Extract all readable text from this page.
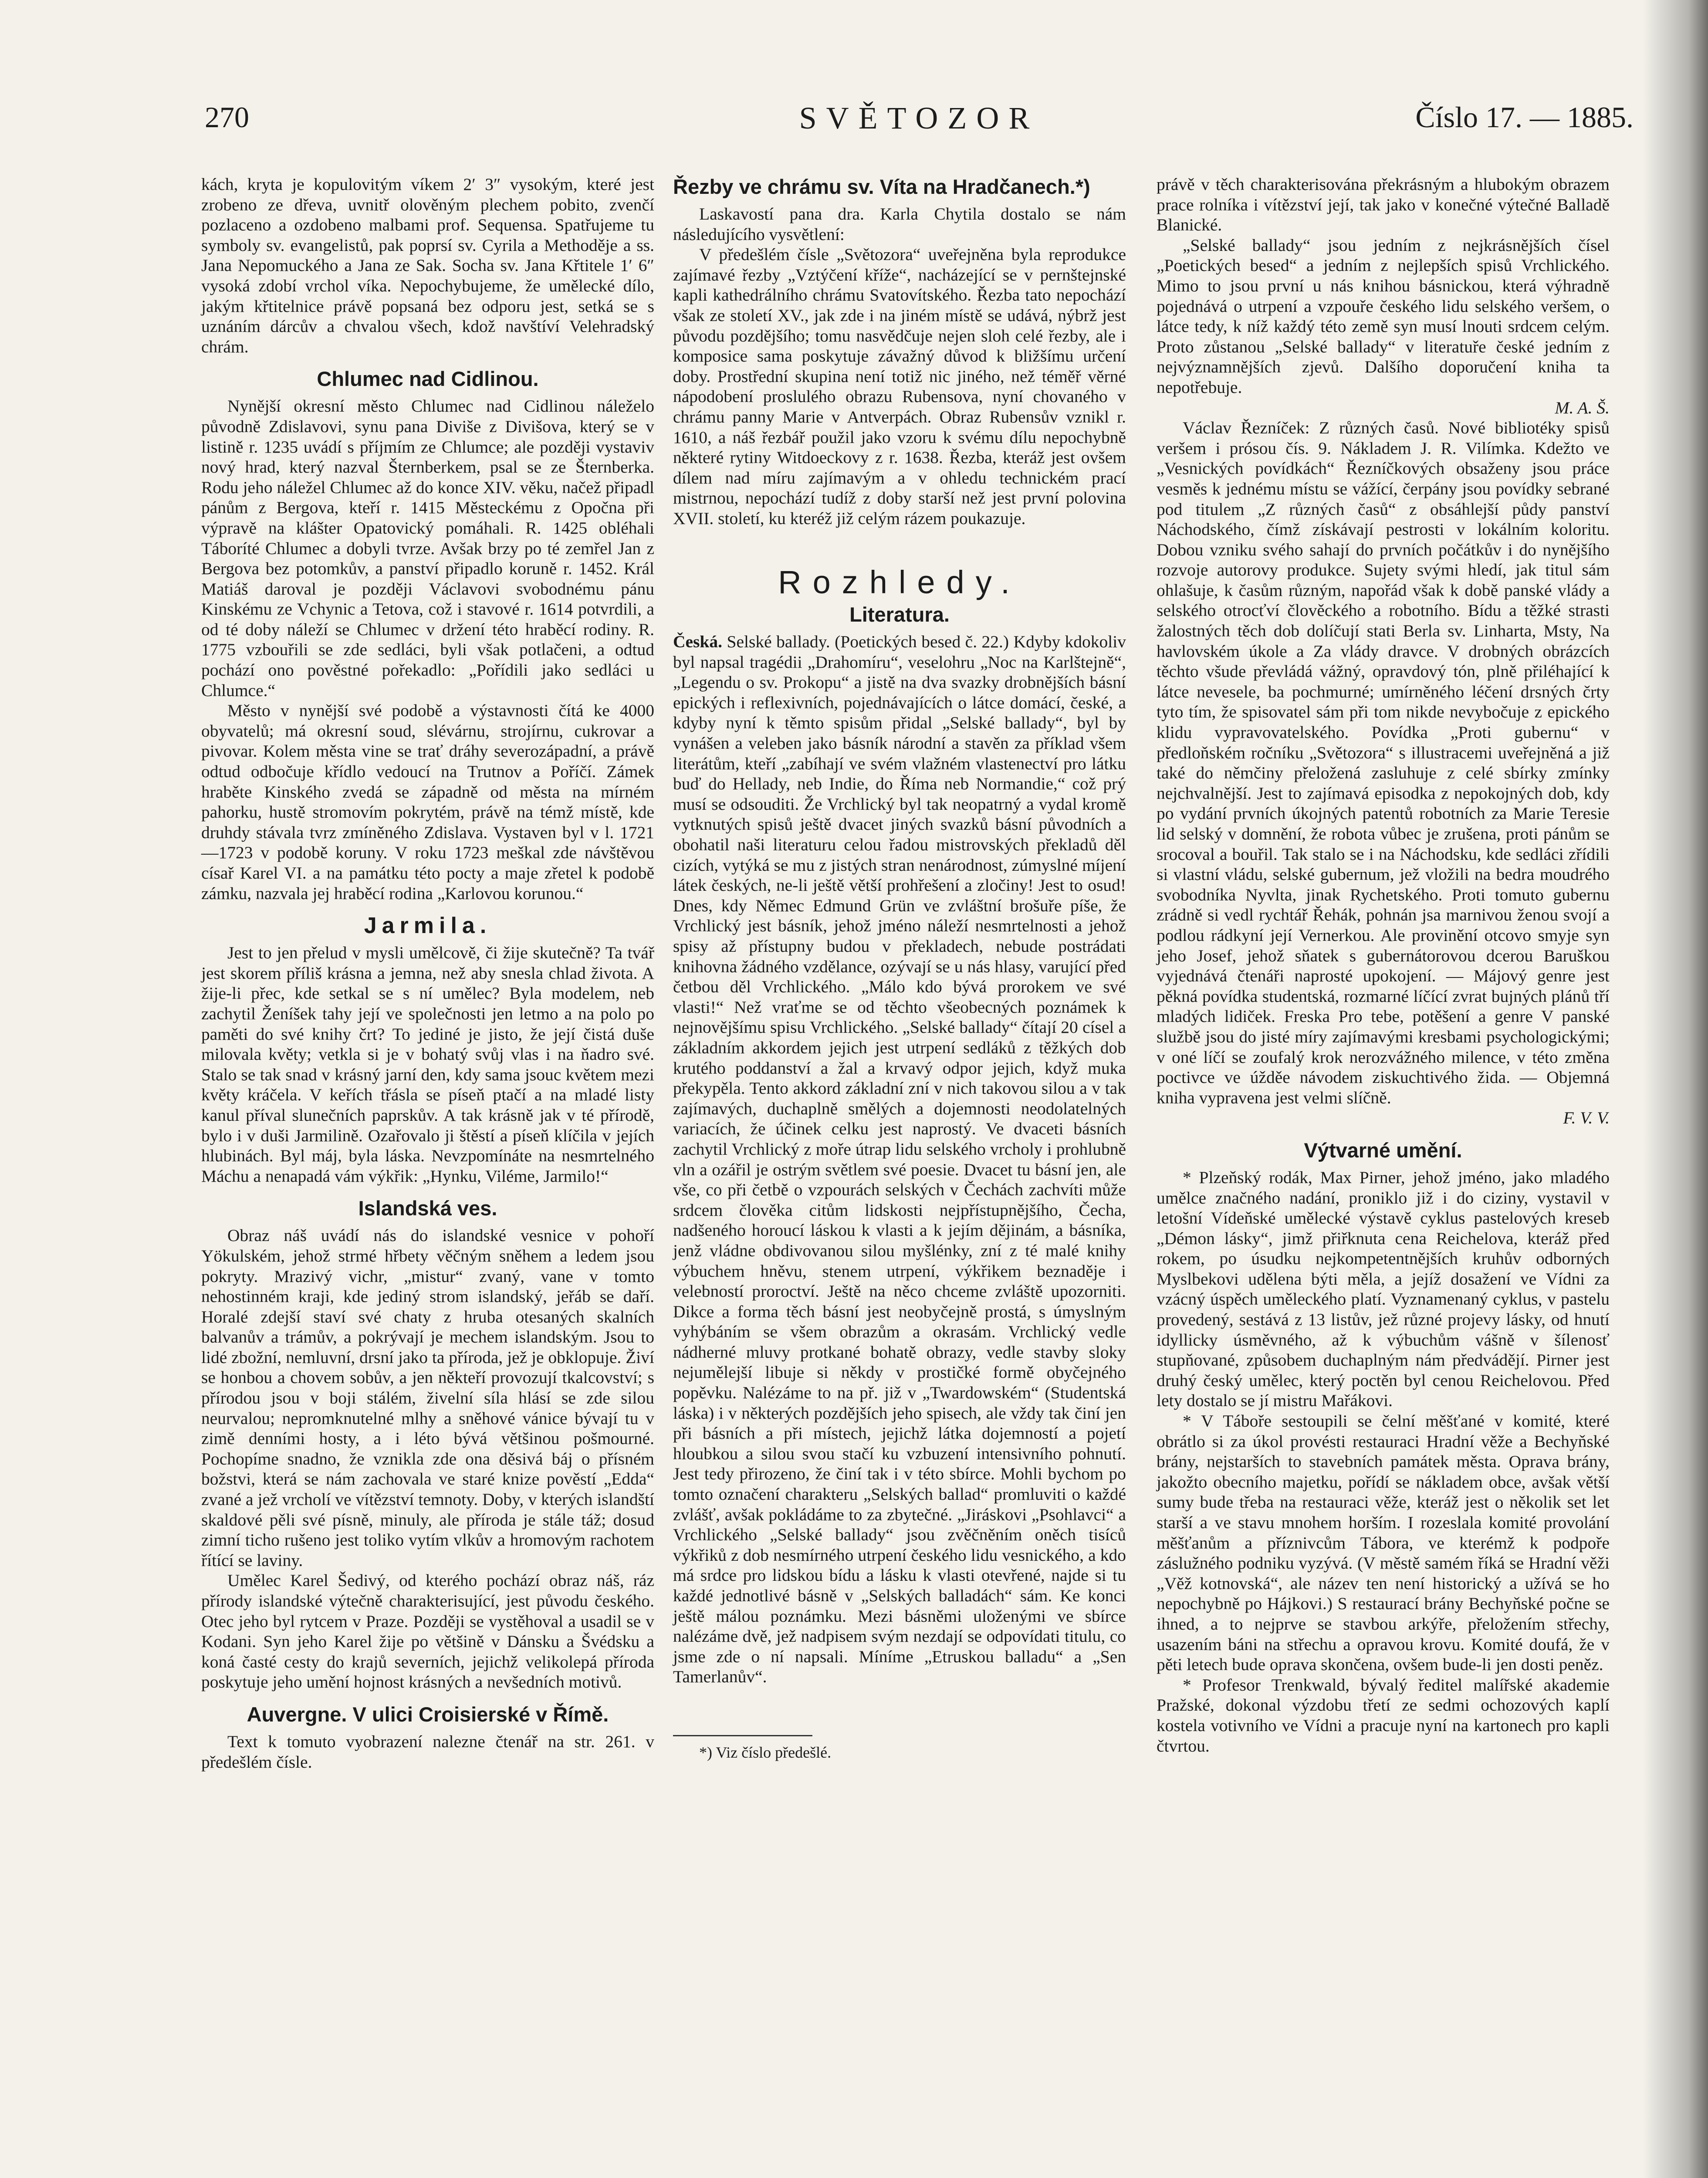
270	SVĚTOZOR	Číslo 17. — 1885.

kách, kryta je kopulovitým víkem 2′ 3″ vysokým, které jest zrobeno ze dřeva, uvnitř olověným plechem pobito, zvenčí pozlaceno a ozdobeno malbami prof. Sequensa. Spatřujeme tu symboly sv. evangelistů, pak poprsí sv. Cyrila a Methoděje a ss. Jana Nepomuckého a Jana ze Sak. Socha sv. Jana Křtitele 1′ 6″ vysoká zdobí vrchol víka. Nepochybujeme, že umělecké dílo, jakým křtitelnice právě popsaná bez odporu jest, setká se s uznáním dárcův a chvalou všech, kdož navštíví Velehradský chrám.

Chlumec nad Cidlinou.

Nynější okresní město Chlumec nad Cidlinou náleželo původně Zdislavovi, synu pana Diviše z Divišova, který se v listině r. 1235 uvádí s příjmím ze Chlumce; ale později vystaviv nový hrad, který nazval Šternberkem, psal se ze Šternberka. Rodu jeho náležel Chlumec až do konce XIV. věku, načež připadl pánům z Bergova, kteří r. 1415 Městeckému z Opočna při výpravě na klášter Opatovický pomáhali. R. 1425 obléhali Táboríté Chlumec a dobyli tvrze. Avšak brzy po té zemřel Jan z Bergova bez potomkův, a panství připadlo koruně r. 1452. Král Matiáš daroval je později Václavovi svobodnému pánu Kinskému ze Vchynic a Tetova, což i stavové r. 1614 potvrdili, a od té doby náleží se Chlumec v držení této hraběcí rodiny. R. 1775 vzbouřili se zde sedláci, byli však potlačeni, a odtud pochází ono pověstné pořekadlo: „Pořídili jako sedláci u Chlumce.“

Město v nynější své podobě a výstavnosti čítá ke 4000 obyvatelů; má okresní soud, slévárnu, strojírnu, cukrovar a pivovar. Kolem města vine se trať dráhy severozápadní, a právě odtud odbočuje křídlo vedoucí na Trutnov a Poříčí. Zámek hraběte Kinského zvedá se západně od města na mírném pahorku, hustě stromovím pokrytém, právě na témž místě, kde druhdy stávala tvrz zmíněného Zdislava. Vystaven byl v l. 1721—1723 v podobě koruny. V roku 1723 meškal zde návštěvou císař Karel VI. a na památku této pocty a maje zřetel k podobě zámku, nazvala jej hraběcí rodina „Karlovou korunou.“

Jarmila.

Jest to jen přelud v mysli umělcově, či žije skutečně? Ta tvář jest skorem příliš krásna a jemna, než aby snesla chlad života. A žije-li přec, kde setkal se s ní umělec? Byla modelem, neb zachytil Ženíšek tahy její ve společnosti jen letmo a na polo po paměti do své knihy črt? To jediné je jisto, že její čistá duše milovala květy; vetkla si je v bohatý svůj vlas i na ňadro své. Stalo se tak snad v krásný jarní den, kdy sama jsouc květem mezi květy kráčela. V keřích třásla se píseň ptačí a na mladé listy kanul příval slunečních paprskův. A tak krásně jak v té přírodě, bylo i v duši Jarmilině. Ozařovalo ji štěstí a píseň klíčila v jejích hlubinách. Byl máj, byla láska. Nevzpomínáte na nesmrtelného Máchu a nenapadá vám výkřik: „Hynku, Viléme, Jarmilo!“

Islandská ves.

Obraz náš uvádí nás do islandské vesnice v pohoří Yökulském, jehož strmé hřbety věčným sněhem a ledem jsou pokryty. Mrazivý vichr, „mistur“ zvaný, vane v tomto nehostinném kraji, kde jediný strom islandský, jeřáb se daří. Horalé zdejší staví své chaty z hruba otesaných skalních balvanův a trámův, a pokrývají je mechem islandským. Jsou to lidé zbožní, nemluvní, drsní jako ta příroda, jež je obklopuje. Živí se honbou a chovem sobův, a jen někteří provozují tkalcovství; s přírodou jsou v boji stálém, živelní síla hlásí se zde silou neurvalou; nepromknutelné mlhy a sněhové vánice bývají tu v zimě denními hosty, a i léto bývá většinou pošmourné. Pochopíme snadno, že vznikla zde ona děsivá báj o přísném božstvi, která se nám zachovala ve staré knize pověstí „Edda“ zvané a jež vrcholí ve vítězství temnoty. Doby, v kterých islandští skaldové pěli své písně, minuly, ale příroda je stále táž; dosud zimní ticho rušeno jest toliko vytím vlkův a hromovým rachotem řítící se laviny.

Umělec Karel Šedivý, od kterého pochází obraz náš, ráz přírody islandské výtečně charakterisující, jest původu českého. Otec jeho byl rytcem v Praze. Později se vystěhoval a usadil se v Kodani. Syn jeho Karel žije po většině v Dánsku a Švédsku a koná časté cesty do krajů severních, jejichž velikolepá příroda poskytuje jeho umění hojnost krásných a nevšedních motivů.

Auvergne. V ulici Croisierské v Římě.

Text k tomuto vyobrazení nalezne čtenář na str. 261. v předešlém čísle.

Řezby ve chrámu sv. Víta na Hradčanech.*)

Laskavostí pana dra. Karla Chytila dostalo se nám následujícího vysvětlení:

V předešlém čísle „Světozora“ uveřejněna byla reprodukce zajímavé řezby „Vztýčení kříže“, nacházející se v pernštejnské kapli kathedrálního chrámu Svatovítského. Řezba tato nepochází však ze století XV., jak zde i na jiném místě se udává, nýbrž jest původu pozdějšího; tomu nasvědčuje nejen sloh celé řezby, ale i komposice sama poskytuje závažný důvod k bližšímu určení doby. Prostřední skupina není totiž nic jiného, než téměř věrné nápodobení proslulého obrazu Rubensova, nyní chovaného v chrámu panny Marie v Antverpách. Obraz Rubensův vznikl r. 1610, a náš řezbář použil jako vzoru k svému dílu nepochybně některé rytiny Witdoeckovy z r. 1638. Řezba, kteráž jest ovšem dílem nad míru zajímavým a v ohledu technickém prací mistrnou, nepochází tudíž z doby starší než jest první polovina XVII. století, ku kteréž již celým rázem poukazuje.

Rozhledy.
Literatura.

Česká. Selské ballady. (Poetických besed č. 22.) Kdyby kdokoliv byl napsal tragédii „Drahomíru“, veselohru „Noc na Karlštejně“, „Legendu o sv. Prokopu“ a jistě na dva svazky drobnějších básní epických i reflexivních, pojednávajících o látce domácí, české, a kdyby nyní k těmto spisům přidal „Selské ballady“, byl by vynášen a veleben jako básník národní a stavěn za příklad všem literátům, kteří „zabíhají ve svém vlažném vlastenectví pro látku buď do Hellady, neb Indie, do Říma neb Normandie,“ což prý musí se odsouditi. Že Vrchlický byl tak neopatrný a vydal kromě vytknutých spisů ještě dvacet jiných svazků básní původních a obohatil naši literaturu celou řadou mistrovských překladů děl cizích, vytýká se mu z jistých stran nenárodnost, zúmyslné míjení látek českých, ne-li ještě větší prohřešení a zločiny! Jest to osud! Dnes, kdy Němec Edmund Grün ve zvláštní brošuře píše, že Vrchlický jest básník, jehož jméno náleží nesmrtelnosti a jehož spisy až přístupny budou v překladech, nebude postrádati knihovna žádného vzdělance, ozývají se u nás hlasy, varující před četbou děl Vrchlického. „Málo kdo bývá prorokem ve své vlasti!“ Než vraťme se od těchto všeobecných poznámek k nejnovějšímu spisu Vrchlického. „Selské ballady“ čítají 20 císel a základním akkordem jejich jest utrpení sedláků z těžkých dob krutého poddanství a žal a krvavý odpor jejich, když muka překypěla. Tento akkord základní zní v nich takovou silou a v tak zajímavých, duchaplně smělých a dojemnosti neodolatelných variacích, že účinek celku jest naprostý. Ve dvaceti básních zachytil Vrchlický z moře útrap lidu selského vrcholy i prohlubně vln a ozářil je ostrým světlem své poesie. Dvacet tu básní jen, ale vše, co při četbě o vzpourách selských v Čechách zachvíti může srdcem člověka citům lidskosti nejpřístupnějšího, Čecha, nadšeného horoucí láskou k vlasti a k jejím dějinám, a básníka, jenž vládne obdivovanou silou myšlénky, zní z té malé knihy výbuchem hněvu, stenem utrpení, výkřikem beznaděje i velebností proroctví. Ještě na něco chceme zvláště upozorniti. Dikce a forma těch básní jest neobyčejně prostá, s úmyslným vyhýbáním se všem obrazům a okrasám. Vrchlický vedle nádherné mluvy protkané bohatě obrazy, vedle stavby sloky nejumělejší libuje si někdy v prostičké formě obyčejného popěvku. Nalézáme to na př. již v „Twardowském“ (Studentská láska) i v některých pozdějších jeho spisech, ale vždy tak činí jen při básních a při místech, jejichž látka dojemností a pojetí hloubkou a silou svou stačí ku vzbuzení intensivního pohnutí. Jest tedy přirozeno, že činí tak i v této sbírce. Mohli bychom po tomto označení charakteru „Selských ballad“ promluviti o každé zvlášť, avšak pokládáme to za zbytečné. „Jiráskovi „Psohlavci“ a Vrchlického „Selské ballady“ jsou zvěčněním oněch tisíců výkřiků z dob nesmírného utrpení českého lidu vesnického, a kdo má srdce pro lidskou bídu a lásku k vlasti otevřené, najde si tu každé jednotlivé básně v „Selských balladách“ sám. Ke konci ještě málou poznámku. Mezi básněmi uloženými ve sbírce nalézáme dvě, jež nadpisem svým nezdají se odpovídati titulu, co jsme zde o ní napsali. Míníme „Etruskou balladu“ a „Sen Tamerlanův“.

*) Viz číslo předešlé.

právě v těch charakterisována překrásným a hlubokým obrazem prace rolníka i vítězství její, tak jako v konečné výtečné Balladě Blanické.

„Selské ballady“ jsou jedním z nejkrásnějších čísel „Poetických besed“ a jedním z nejlepších spisů Vrchlického. Mimo to jsou první u nás knihou básnickou, která výhradně pojednává o utrpení a vzpouře českého lidu selského veršem, o látce tedy, k níž každý této země syn musí lnouti srdcem celým. Proto zůstanou „Selské ballady“ v literatuře české jedním z nejvýznamnějších zjevů. Dalšího doporučení kniha ta nepotřebuje.

M. A. Š.

Václav Řezníček: Z různých časů. Nové bibliotéky spisů veršem i prósou čís. 9. Nákladem J. R. Vilímka. Kdežto ve „Vesnických povídkách“ Řezníčkových obsaženy jsou práce vesměs k jednému místu se vážící, čerpány jsou povídky sebrané pod titulem „Z různých časů“ z obsáhlejší půdy panství Náchodského, čímž získávají pestrosti v lokálním koloritu. Dobou vzniku svého sahají do prvních počátkův i do nynějšího rozvoje autorovy produkce. Sujety svými hledí, jak titul sám ohlašuje, k časům různým, napořád však k době panské vlády a selského otrocťví člověckého a robotního. Bídu a těžké strasti žalostných těch dob dolíčují stati Berla sv. Linharta, Msty, Na havlovském úkole a Za vlády dravce. V drobných obrázcích těchto všude převládá vážný, opravdový tón, plně přiléhající k látce nevesele, ba pochmurné; umírněného léčení drsných črty tyto tím, že spisovatel sám při tom nikde nevybočuje z epického klidu vypravovatelského. Povídka „Proti gubernu“ v předloňském ročníku „Světozora“ s illustracemi uveřejněná a již také do němčiny přeložená zasluhuje z celé sbírky zmínky nejchvalnější. Jest to zajímavá episodka z nepokojných dob, kdy po vydání prvních úkojných patentů robotních za Marie Teresie lid selský v domnění, že robota vůbec je zrušena, proti pánům se srocoval a bouřil. Tak stalo se i na Náchodsku, kde sedláci zřídili si vlastní vládu, selské gubernum, jež vložili na bedra moudrého svobodníka Nyvlta, jinak Rychetského. Proti tomuto gubernu zrádně si vedl rychtář Řehák, pohnán jsa marnivou ženou svojí a podlou rádkyní její Vernerkou. Ale provinění otcovo smyje syn jeho Josef, jehož sňatek s gubernátorovou dcerou Baruškou vyjednává čtenáři naprosté upokojení. — Májový genre jest pěkná povídka studentská, rozmarné líčící zvrat bujných plánů tří mladých lidiček. Freska Pro tebe, potěšení a genre V panské službě jsou do jisté míry zajímavými kresbami psychologickými; v oné líčí se zoufalý krok nerozvážného milence, v této změna poctivce ve úžděe návodem ziskuchtivého žida. — Objemná kniha vypravena jest velmi slíčně.

F. V. V.

Výtvarné umění.

* Plzeňský rodák, Max Pirner, jehož jméno, jako mladého umělce značného nadání, proniklo již i do ciziny, vystavil v letošní Vídeňské umělecké výstavě cyklus pastelových kreseb „Démon lásky“, jimž přiřknuta cena Reichelova, kteráž před rokem, po úsudku nejkompetentnějších kruhův odborných Myslbekovi udělena býti měla, a jejíž dosažení ve Vídni za vzácný úspěch uměleckého platí. Vyznamenaný cyklus, v pastelu provedený, sestává z 13 listův, jež různé projevy lásky, od hnutí idyllicky úsměvného, až k výbuchům vášně v šílenosť stupňované, způsobem duchaplným nám předvádějí. Pirner jest druhý český umělec, který poctěn byl cenou Reichelovou. Před lety dostalo se jí mistru Mařákovi.

* V Táboře sestoupili se čelní měšťané v komité, které obrátlo si za úkol provésti restauraci Hradní věže a Bechyňské brány, nejstarších to stavebních památek města. Oprava brány, jakožto obecního majetku, pořídí se nákladem obce, avšak větší sumy bude třeba na restauraci věže, kteráž jest o několik set let starší a ve stavu mnohem horším. I rozeslala komité provolání měšťanům a příznivcům Tábora, ve kterémž k podpoře záslužného podniku vyzývá. (V městě samém říká se Hradní věži „Věž kotnovská“, ale název ten není historický a užívá se ho nepochybně po Hájkovi.) S restaurací brány Bechyňské počne se ihned, a to nejprve se stavbou arkýře, přeložením střechy, usazením báni na střechu a opravou krovu. Komité doufá, že v pěti letech bude oprava skončena, ovšem bude-li jen dosti peněz.

* Profesor Trenkwald, bývalý ředitel malířské akademie Pražské, dokonal výzdobu třetí ze sedmi ochozových kaplí kostela votivního ve Vídni a pracuje nyní na kartonech pro kapli čtvrtou.
